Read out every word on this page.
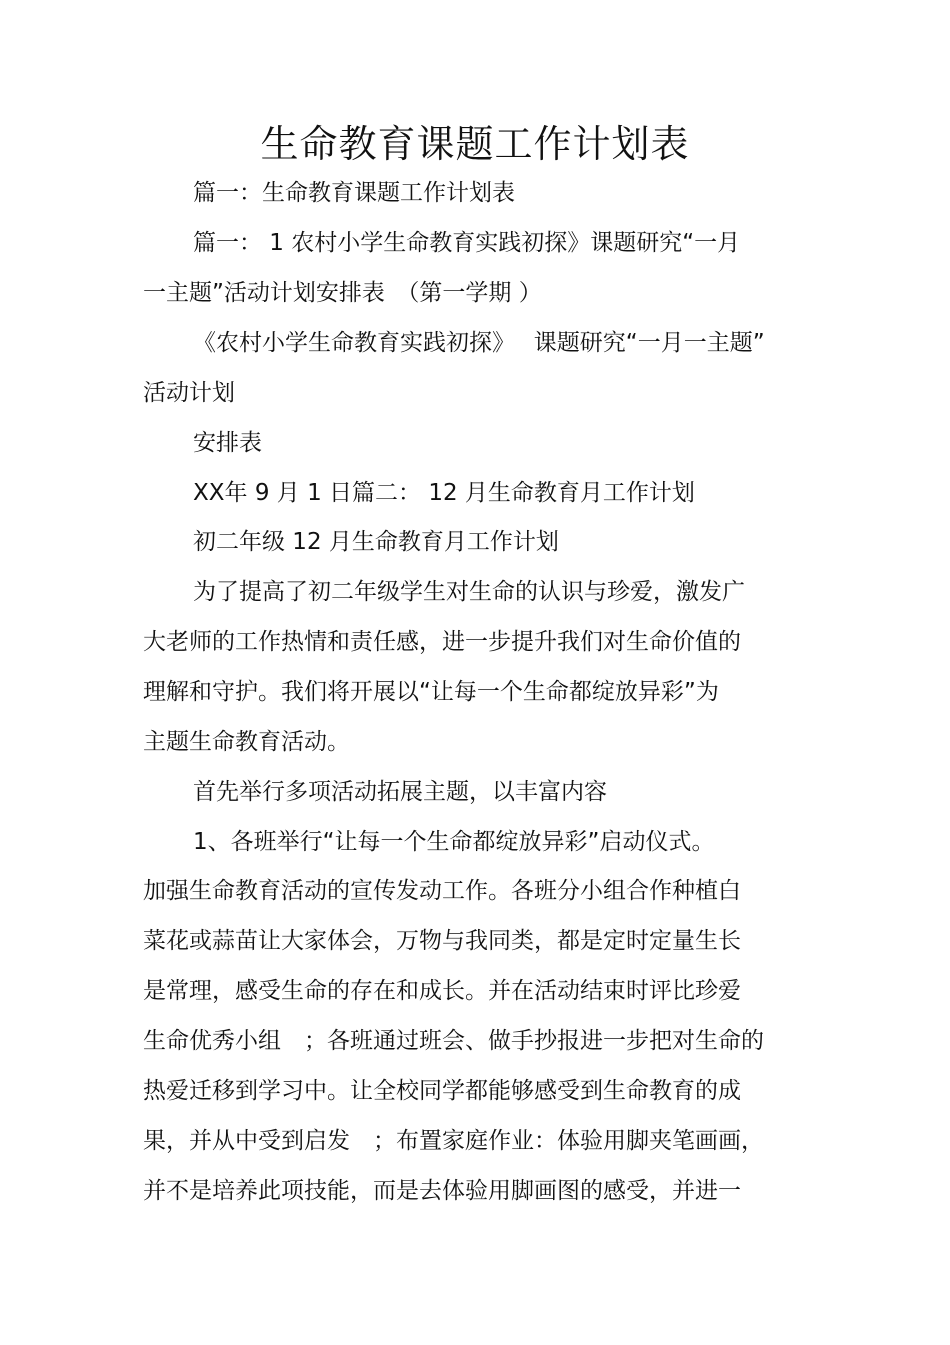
生命教育课题工作计划表
篇一：生命教育课题工作计划表
篇一： 1 农村小学生命教育实践初探》课题研究“一月
一主题”活动计划安排表　（第一学期 ）
《农村小学生命教育实践初探》　 课题研究“一月一主题”
活动计划
安排表
XX年 9 月 1 日篇二： 12 月生命教育月工作计划
初二年级 12 月生命教育月工作计划
为了提高了初二年级学生对生命的认识与珍爱，激发广
大老师的工作热情和责任感，进一步提升我们对生命价值的
理解和守护。我们将开展以“让每一个生命都绽放异彩”为
主题生命教育活动。
首先举行多项活动拓展主题，以丰富内容
1、各班举行“让每一个生命都绽放异彩”启动仪式。
加强生命教育活动的宣传发动工作。各班分小组合作种植白
菜花或蒜苗让大家体会，万物与我同类，都是定时定量生长
是常理，感受生命的存在和成长。并在活动结束时评比珍爱
生命优秀小组　；各班通过班会、做手抄报进一步把对生命的
热爱迁移到学习中。让全校同学都能够感受到生命教育的成
果，并从中受到启发　；布置家庭作业：体验用脚夹笔画画，
并不是培养此项技能，而是去体验用脚画图的感受，并进一
